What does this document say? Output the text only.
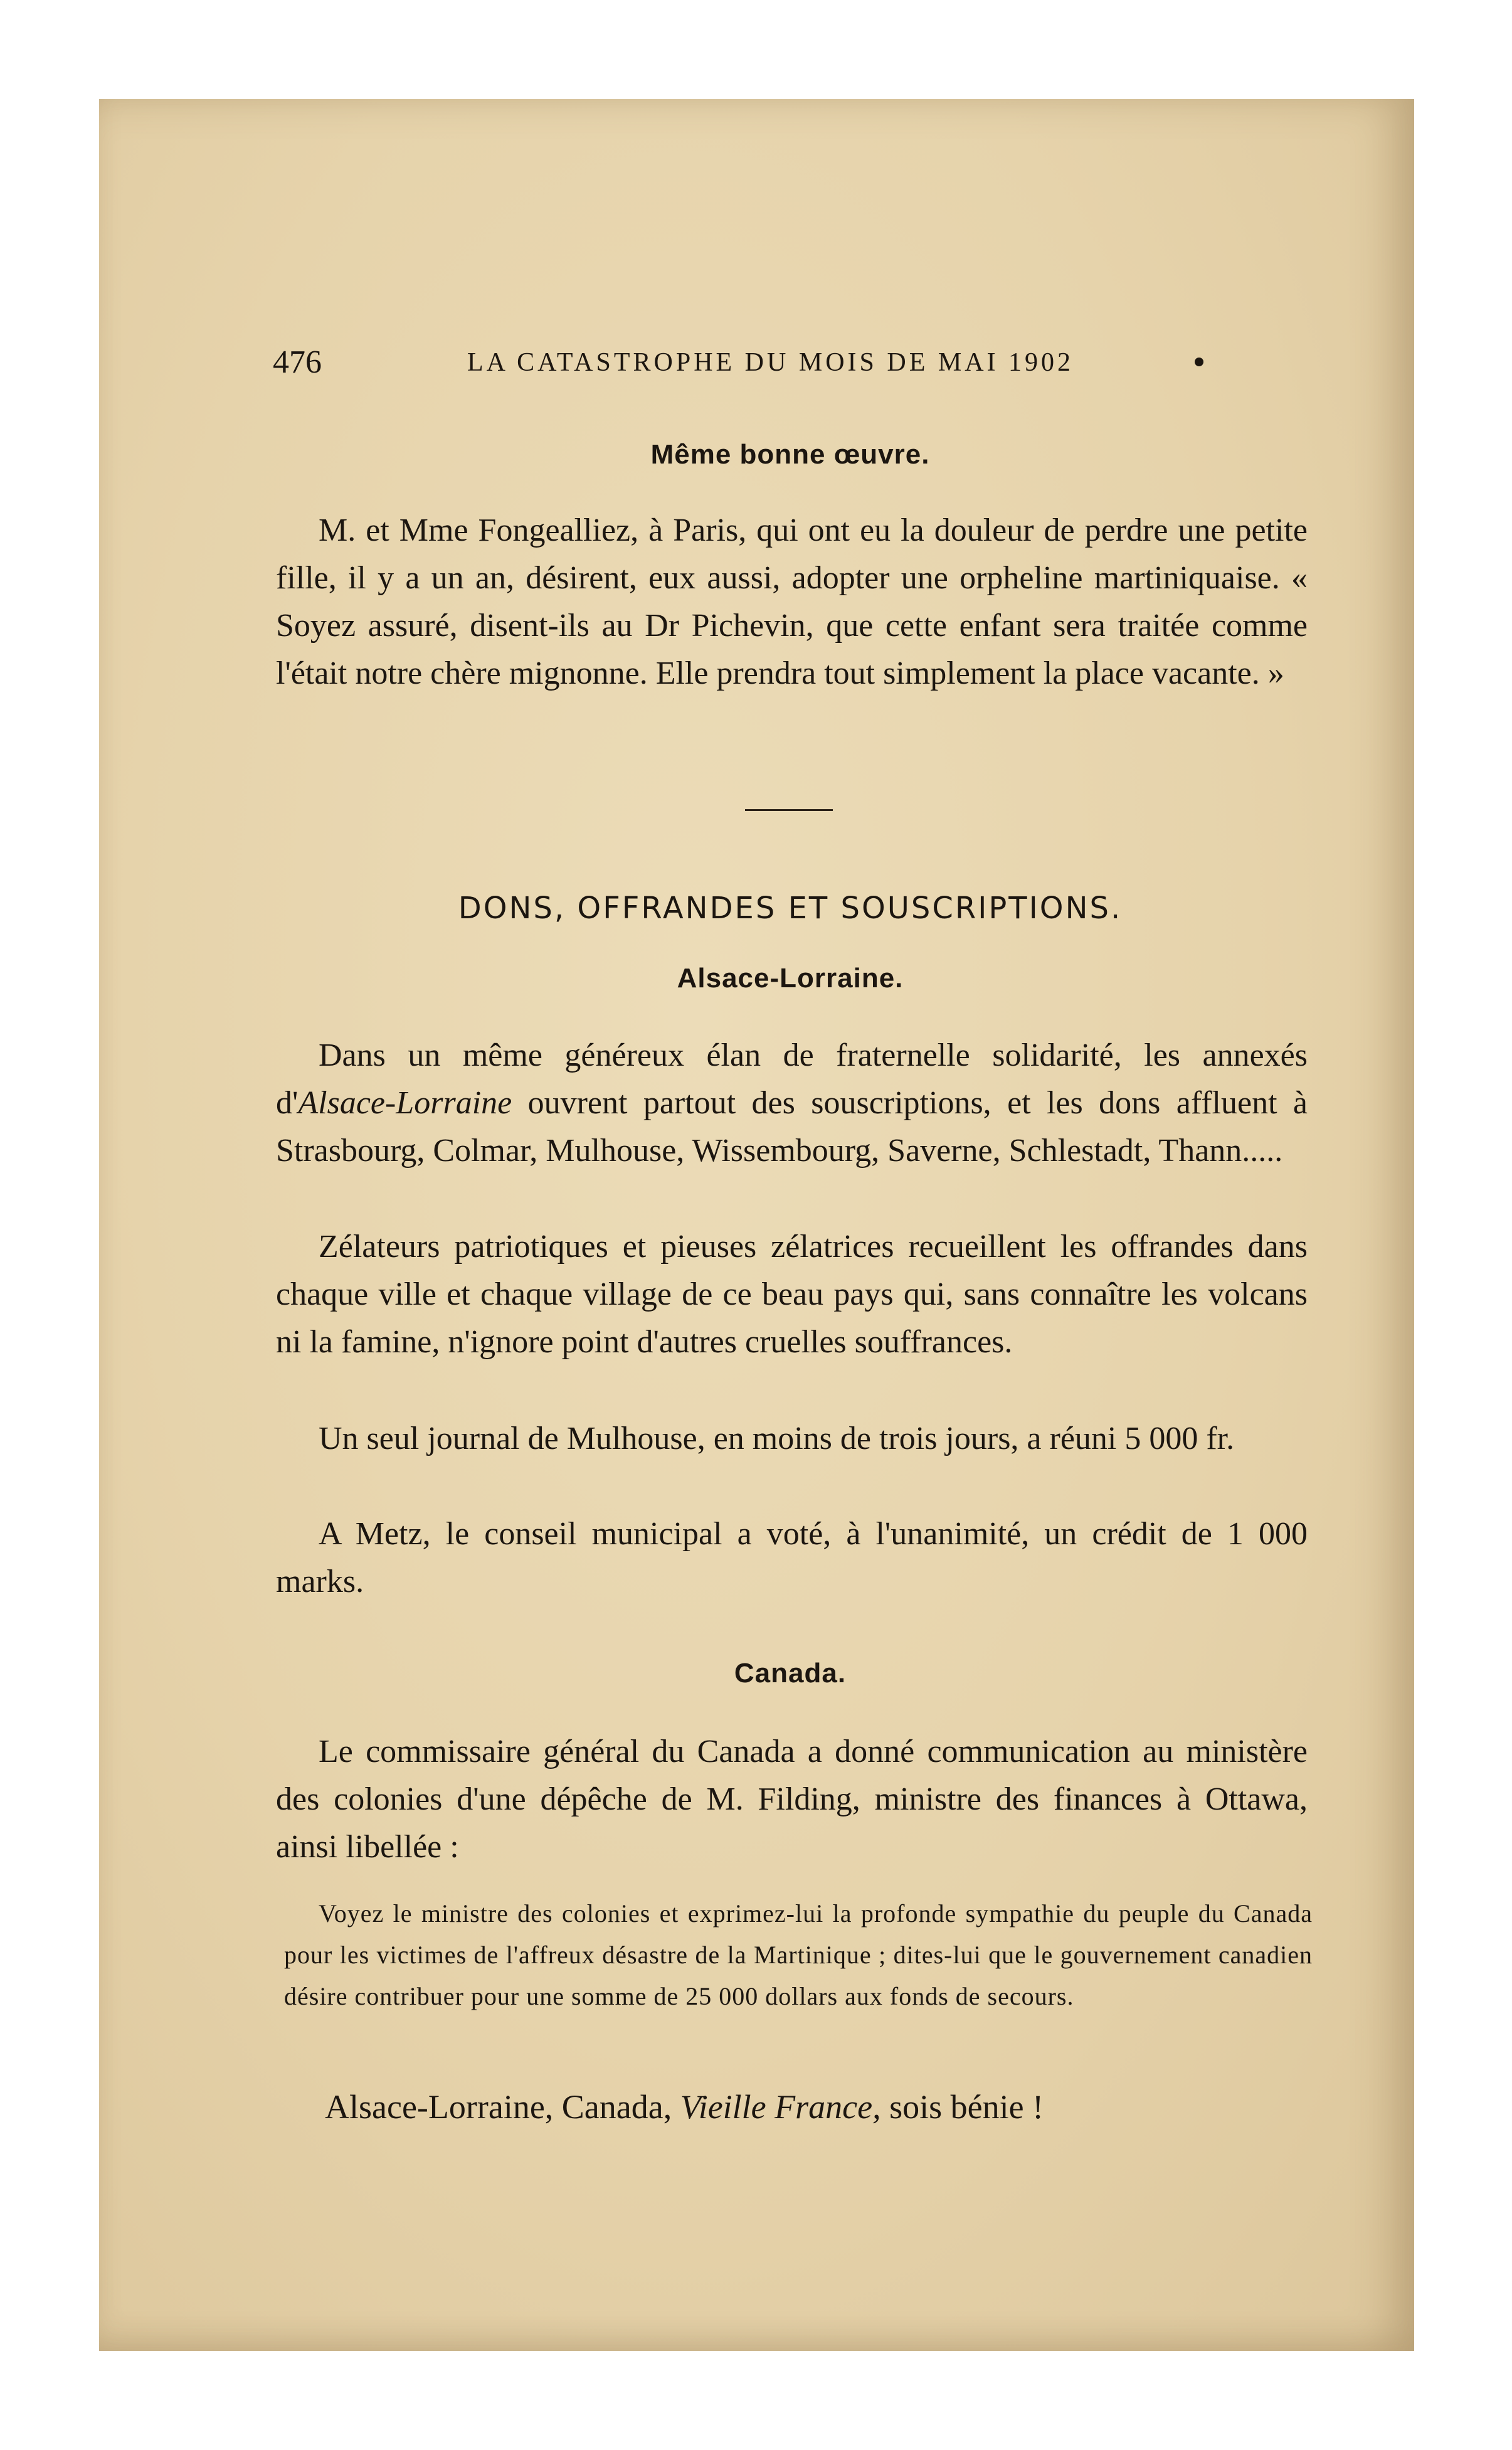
476	LA CATASTROPHE DU MOIS DE MAI 1902
Même bonne œuvre.

M. et Mme Fongealliez, à Paris, qui ont eu la douleur de perdre une petite fille, il y a un an, désirent, eux aussi, adopter une orpheline martiniquaise. « Soyez assuré, disent-ils au Dr Pichevin, que cette enfant sera traitée comme l'était notre chère mignonne. Elle prendra tout simplement la place vacante. »

DONS, OFFRANDES ET SOUSCRIPTIONS.
Alsace-Lorraine.

Dans un même généreux élan de fraternelle solidarité, les annexés d'Alsace-Lorraine ouvrent partout des souscriptions, et les dons affluent à Strasbourg, Colmar, Mulhouse, Wissembourg, Saverne, Schlestadt, Thann.....

Zélateurs patriotiques et pieuses zélatrices recueillent les offrandes dans chaque ville et chaque village de ce beau pays qui, sans connaître les volcans ni la famine, n'ignore point d'autres cruelles souffrances.

Un seul journal de Mulhouse, en moins de trois jours, a réuni 5 000 fr.

A Metz, le conseil municipal a voté, à l'unanimité, un crédit de 1 000 marks.

Canada.

Le commissaire général du Canada a donné communication au ministère des colonies d'une dépêche de M. Filding, ministre des finances à Ottawa, ainsi libellée :

Voyez le ministre des colonies et exprimez-lui la profonde sympathie du peuple du Canada pour les victimes de l'affreux désastre de la Martinique ; dites-lui que le gouvernement canadien désire contribuer pour une somme de 25 000 dollars aux fonds de secours.

Alsace-Lorraine, Canada, Vieille France, sois bénie !
